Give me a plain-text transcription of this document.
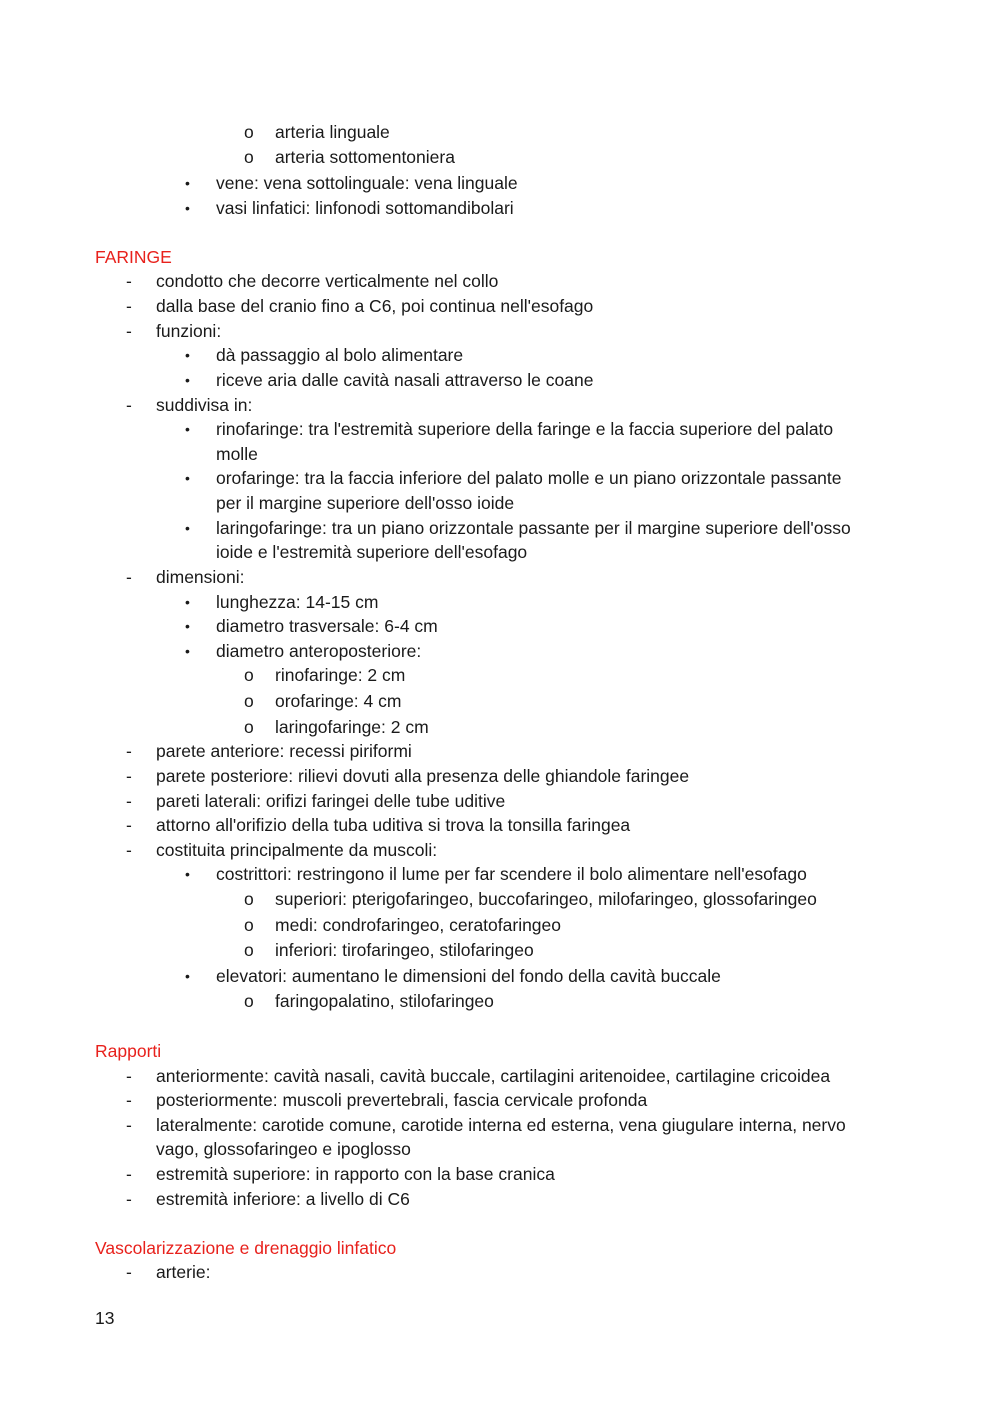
o arteria linguale
o arteria sottomentoniera
• vene: vena sottolinguale: vena linguale
• vasi linfatici: linfonodi sottomandibolari
FARINGE
- condotto che decorre verticalmente nel collo
- dalla base del cranio fino a C6, poi continua nell'esofago
- funzioni:
• dà passaggio al bolo alimentare
• riceve aria dalle cavità nasali attraverso le coane
- suddivisa in:
• rinofaringe: tra l'estremità superiore della faringe e la faccia superiore del palato
molle
• orofaringe: tra la faccia inferiore del palato molle e un piano orizzontale passante
per il margine superiore dell'osso ioide
• laringofaringe: tra un piano orizzontale passante per il margine superiore dell'osso
ioide e l'estremità superiore dell'esofago
- dimensioni:
• lunghezza: 14-15 cm
• diametro trasversale: 6-4 cm
• diametro anteroposteriore:
o rinofaringe: 2 cm
o orofaringe: 4 cm
o laringofaringe: 2 cm
- parete anteriore: recessi piriformi
- parete posteriore: rilievi dovuti alla presenza delle ghiandole faringee
- pareti laterali: orifizi faringei delle tube uditive
- attorno all'orifizio della tuba uditiva si trova la tonsilla faringea
- costituita principalmente da muscoli:
• costrittori: restringono il lume per far scendere il bolo alimentare nell'esofago
o superiori: pterigofaringeo, buccofaringeo, milofaringeo, glossofaringeo
o medi: condrofaringeo, ceratofaringeo
o inferiori: tirofaringeo, stilofaringeo
• elevatori: aumentano le dimensioni del fondo della cavità buccale
o faringopalatino, stilofaringeo
Rapporti
- anteriormente: cavità nasali, cavità buccale, cartilagini aritenoidee, cartilagine cricoidea
- posteriormente: muscoli prevertebrali, fascia cervicale profonda
- lateralmente: carotide comune, carotide interna ed esterna, vena giugulare interna, nervo
vago, glossofaringeo e ipoglosso
- estremità superiore: in rapporto con la base cranica
- estremità inferiore: a livello di C6
Vascolarizzazione e drenaggio linfatico
- arterie:
13
